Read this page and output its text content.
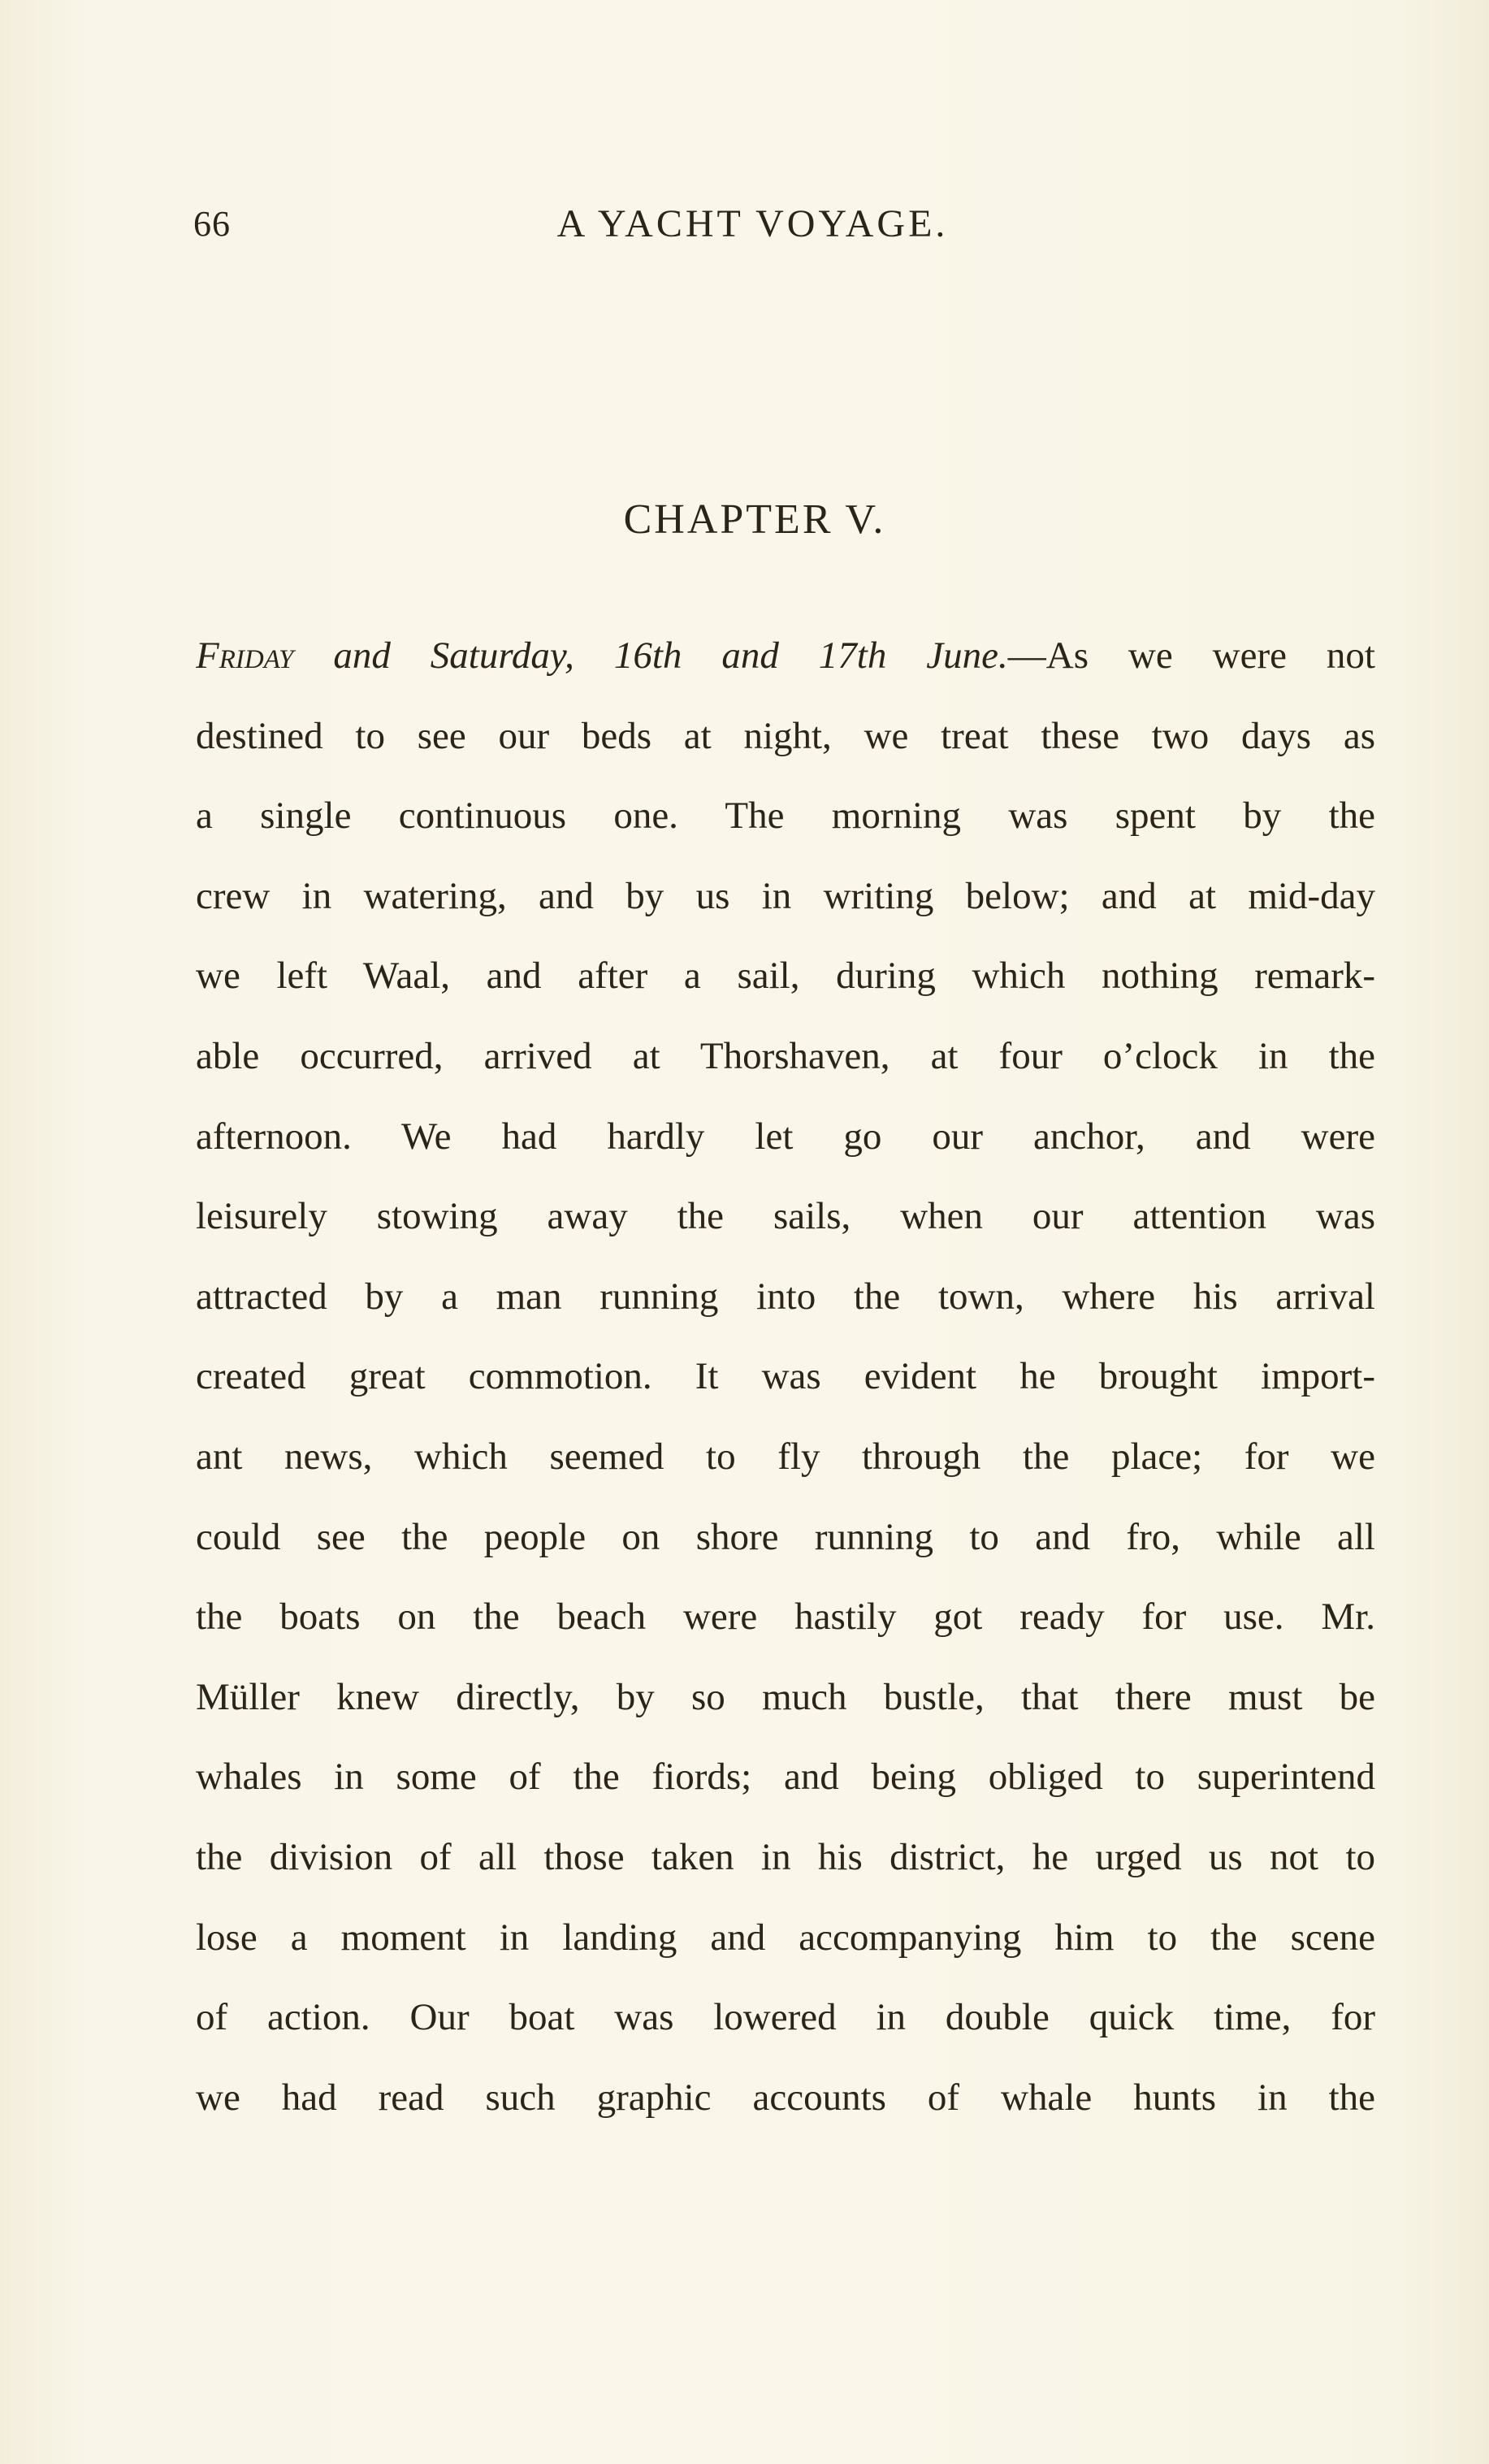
66	A YACHT VOYAGE.

CHAPTER V.
Friday and Saturday, 16th and 17th June.—As we were not
destined to see our beds at night, we treat these two days as
a single continuous one. The morning was spent by the
crew in watering, and by us in writing below; and at mid-day
we left Waal, and after a sail, during which nothing remark-
able occurred, arrived at Thorshaven, at four o’clock in the
afternoon. We had hardly let go our anchor, and were
leisurely stowing away the sails, when our attention was
attracted by a man running into the town, where his arrival
created great commotion. It was evident he brought import-
ant news, which seemed to fly through the place; for we
could see the people on shore running to and fro, while all
the boats on the beach were hastily got ready for use. Mr.
Müller knew directly, by so much bustle, that there must be
whales in some of the fiords; and being obliged to superintend
the division of all those taken in his district, he urged us not to
lose a moment in landing and accompanying him to the scene
of action. Our boat was lowered in double quick time, for
we had read such graphic accounts of whale hunts in the
